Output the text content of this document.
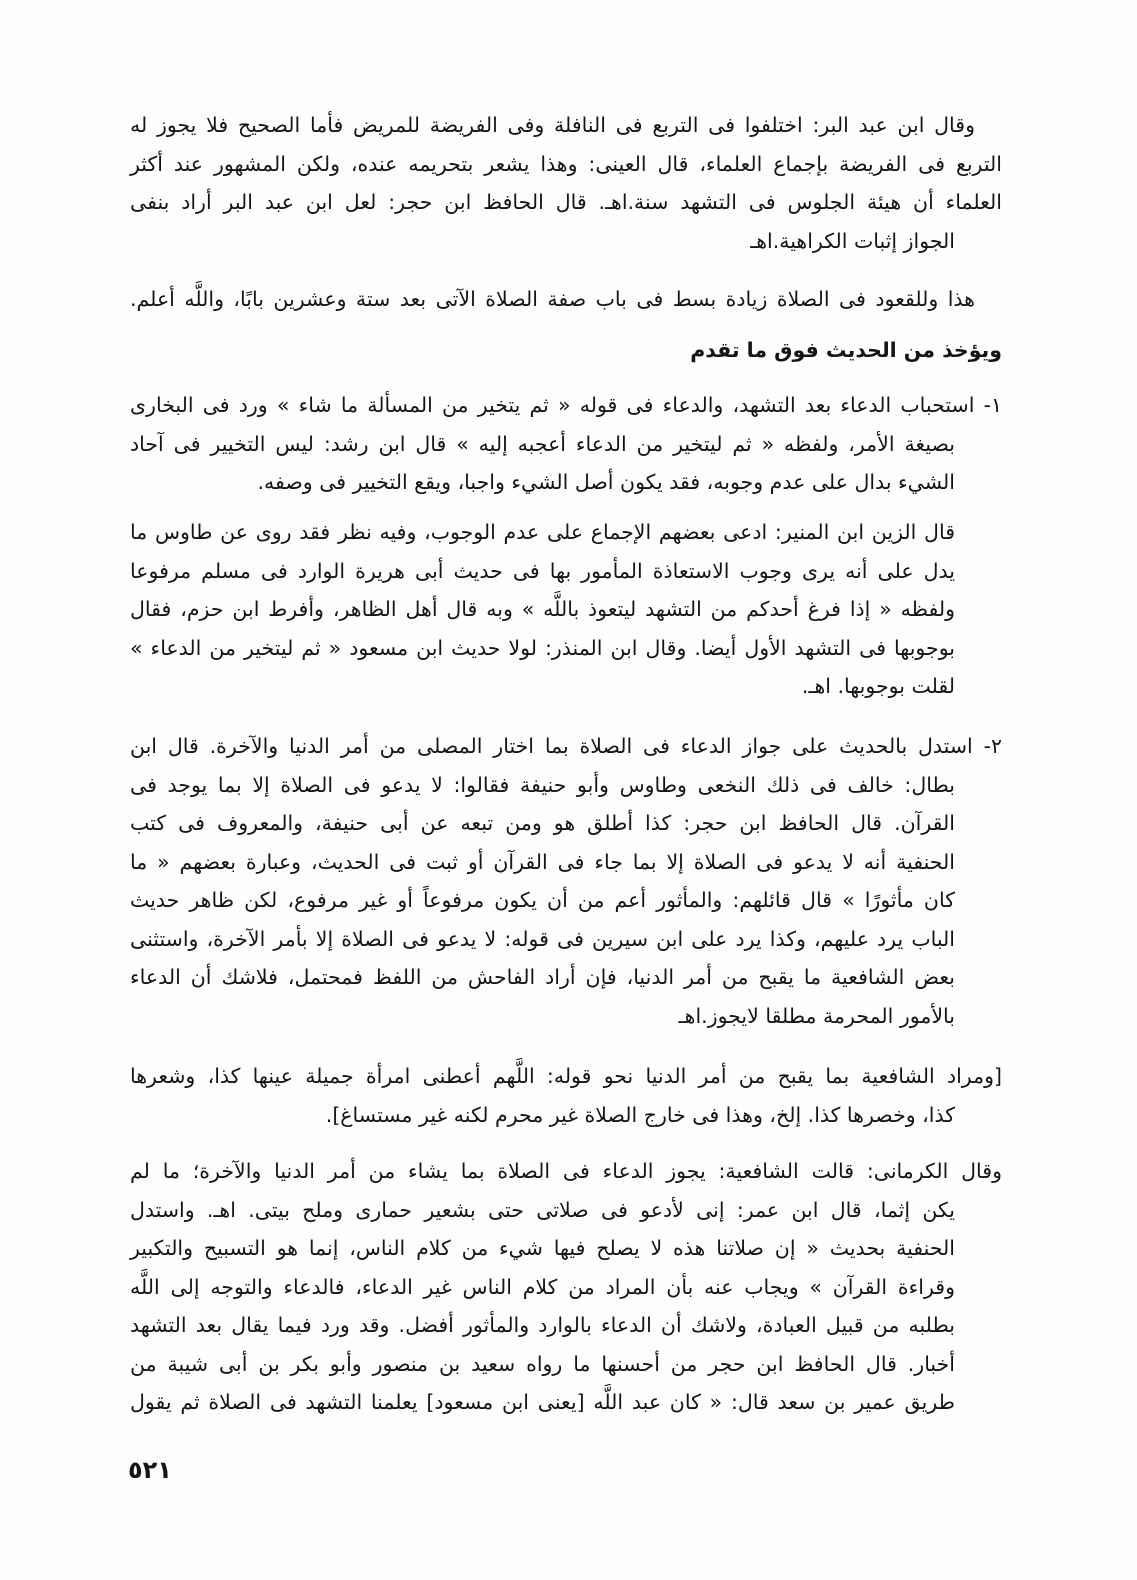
وقال ابن عبد البر: اختلفوا فى التربع فى النافلة وفى الفريضة للمريض فأما الصحيح فلا يجوز له
التربع فى الفريضة بإجماع العلماء، قال العينى: وهذا يشعر بتحريمه عنده، ولكن المشهور عند أكثر
العلماء أن هيئة الجلوس فى التشهد سنة.اهـ. قال الحافظ ابن حجر: لعل ابن عبد البر أراد بنفى
الجواز إثبات الكراهية.اهـ
هذا وللقعود فى الصلاة زيادة بسط فى باب صفة الصلاة الآتى بعد ستة وعشرين بابًا، واللَّه أعلم.
ويؤخذ من الحديث فوق ما تقدم
١- استحباب الدعاء بعد التشهد، والدعاء فى قوله « ثم يتخير من المسألة ما شاء » ورد فى البخارى
بصيغة الأمر، ولفظه « ثم ليتخير من الدعاء أعجبه إليه » قال ابن رشد: ليس التخيير فى آحاد
الشيء بدال على عدم وجوبه، فقد يكون أصل الشيء واجبا، ويقع التخيير فى وصفه.
قال الزين ابن المنير: ادعى بعضهم الإجماع على عدم الوجوب، وفيه نظر فقد روى عن طاوس ما
يدل على أنه يرى وجوب الاستعاذة المأمور بها فى حديث أبى هريرة الوارد فى مسلم مرفوعا
ولفظه « إذا فرغ أحدكم من التشهد ليتعوذ باللَّه » وبه قال أهل الظاهر، وأفرط ابن حزم، فقال
بوجوبها فى التشهد الأول أيضا. وقال ابن المنذر: لولا حديث ابن مسعود « ثم ليتخير من الدعاء »
لقلت بوجوبها. اهـ.
٢- استدل بالحديث على جواز الدعاء فى الصلاة بما اختار المصلى من أمر الدنيا والآخرة. قال ابن
بطال: خالف فى ذلك النخعى وطاوس وأبو حنيفة فقالوا: لا يدعو فى الصلاة إلا بما يوجد فى
القرآن. قال الحافظ ابن حجر: كذا أطلق هو ومن تبعه عن أبى حنيفة، والمعروف فى كتب
الحنفية أنه لا يدعو فى الصلاة إلا بما جاء فى القرآن أو ثبت فى الحديث، وعبارة بعضهم « ما
كان مأثورًا » قال قائلهم: والمأثور أعم من أن يكون مرفوعاً أو غير مرفوع، لكن ظاهر حديث
الباب يرد عليهم، وكذا يرد على ابن سيرين فى قوله: لا يدعو فى الصلاة إلا بأمر الآخرة، واستثنى
بعض الشافعية ما يقبح من أمر الدنيا، فإن أراد الفاحش من اللفظ فمحتمل، فلاشك أن الدعاء
بالأمور المحرمة مطلقا لايجوز.اهـ
[ومراد الشافعية بما يقبح من أمر الدنيا نحو قوله: اللَّهم أعطنى امرأة جميلة عينها كذا، وشعرها
كذا، وخصرها كذا. إلخ، وهذا فى خارج الصلاة غير محرم لكنه غير مستساغ].
وقال الكرمانى: قالت الشافعية: يجوز الدعاء فى الصلاة بما يشاء من أمر الدنيا والآخرة؛ ما لم
يكن إثما، قال ابن عمر: إنى لأدعو فى صلاتى حتى بشعير حمارى وملح بيتى. اهـ. واستدل
الحنفية بحديث « إن صلاتنا هذه لا يصلح فيها شيء من كلام الناس، إنما هو التسبيح والتكبير
وقراءة القرآن » ويجاب عنه بأن المراد من كلام الناس غير الدعاء، فالدعاء والتوجه إلى اللَّه
بطلبه من قبيل العبادة، ولاشك أن الدعاء بالوارد والمأثور أفضل. وقد ورد فيما يقال بعد التشهد
أخبار. قال الحافظ ابن حجر من أحسنها ما رواه سعيد بن منصور وأبو بكر بن أبى شيبة من
طريق عمير بن سعد قال: « كان عبد اللَّه [يعنى ابن مسعود] يعلمنا التشهد فى الصلاة ثم يقول
٥٢١
